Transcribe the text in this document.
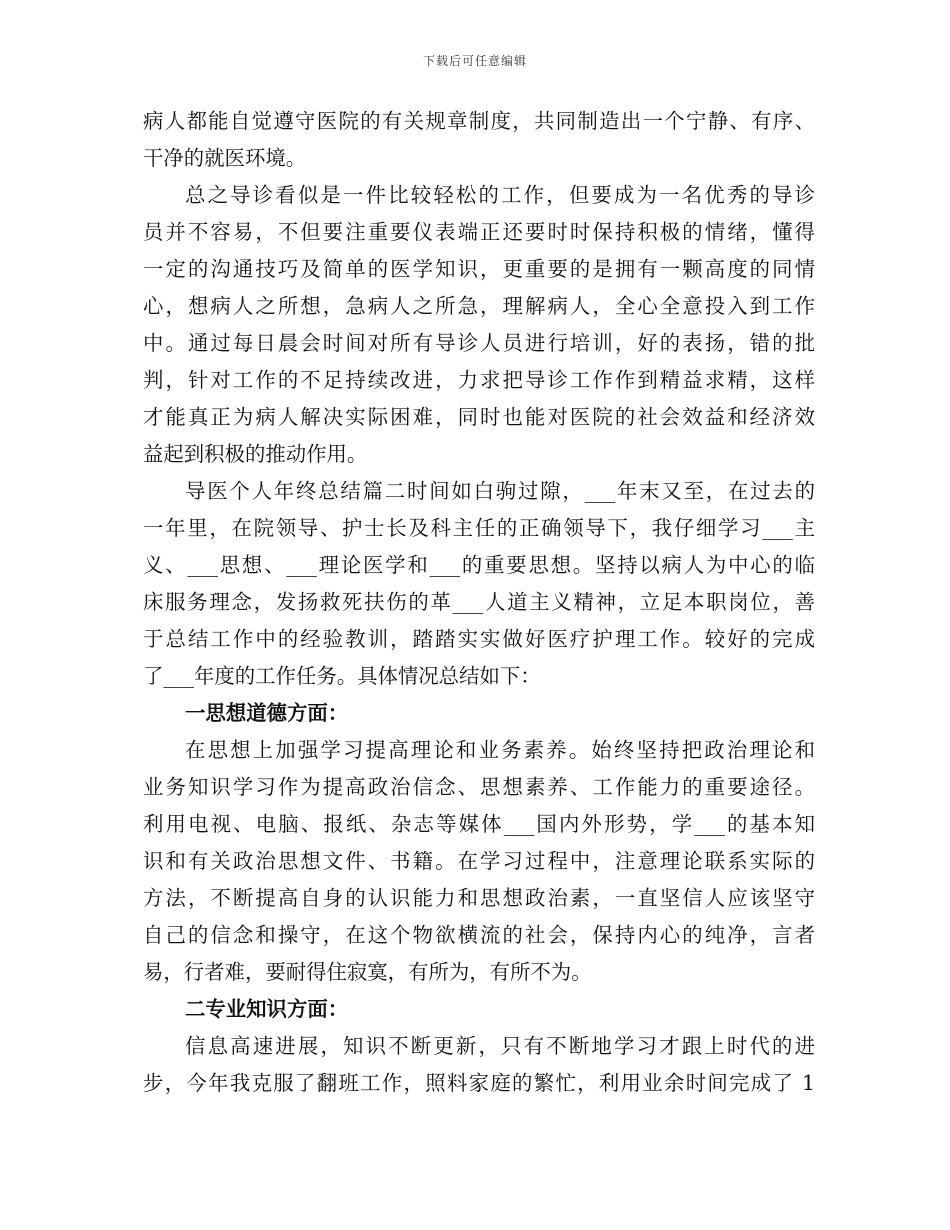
下载后可任意编辑
病人都能自觉遵守医院的有关规章制度，共同制造出一个宁静、有序、
干净的就医环境。
总之导诊看似是一件比较轻松的工作，但要成为一名优秀的导诊
员并不容易，不但要注重要仪表端正还要时时保持积极的情绪，懂得
一定的沟通技巧及简单的医学知识，更重要的是拥有一颗高度的同情
心，想病人之所想，急病人之所急，理解病人，全心全意投入到工作
中。通过每日晨会时间对所有导诊人员进行培训，好的表扬，错的批
判，针对工作的不足持续改进，力求把导诊工作作到精益求精，这样
才能真正为病人解决实际困难，同时也能对医院的社会效益和经济效
益起到积极的推动作用。
导医个人年终总结篇二时间如白驹过隙，___年末又至，在过去的
一年里，在院领导、护士长及科主任的正确领导下，我仔细学习___主
义、___思想、___理论医学和___的重要思想。坚持以病人为中心的临
床服务理念，发扬救死扶伤的革___人道主义精神，立足本职岗位，善
于总结工作中的经验教训，踏踏实实做好医疗护理工作。较好的完成
了___年度的工作任务。具体情况总结如下：
一思想道德方面：
在思想上加强学习提高理论和业务素养。始终坚持把政治理论和
业务知识学习作为提高政治信念、思想素养、工作能力的重要途径。
利用电视、电脑、报纸、杂志等媒体___国内外形势，学___的基本知
识和有关政治思想文件、书籍。在学习过程中，注意理论联系实际的
方法，不断提高自身的认识能力和思想政治素，一直坚信人应该坚守
自己的信念和操守，在这个物欲横流的社会，保持内心的纯净，言者
易，行者难，要耐得住寂寞，有所为，有所不为。
二专业知识方面：
信息高速进展，知识不断更新，只有不断地学习才跟上时代的进
步，今年我克服了翻班工作，照料家庭的繁忙，利用业余时间完成了 1
